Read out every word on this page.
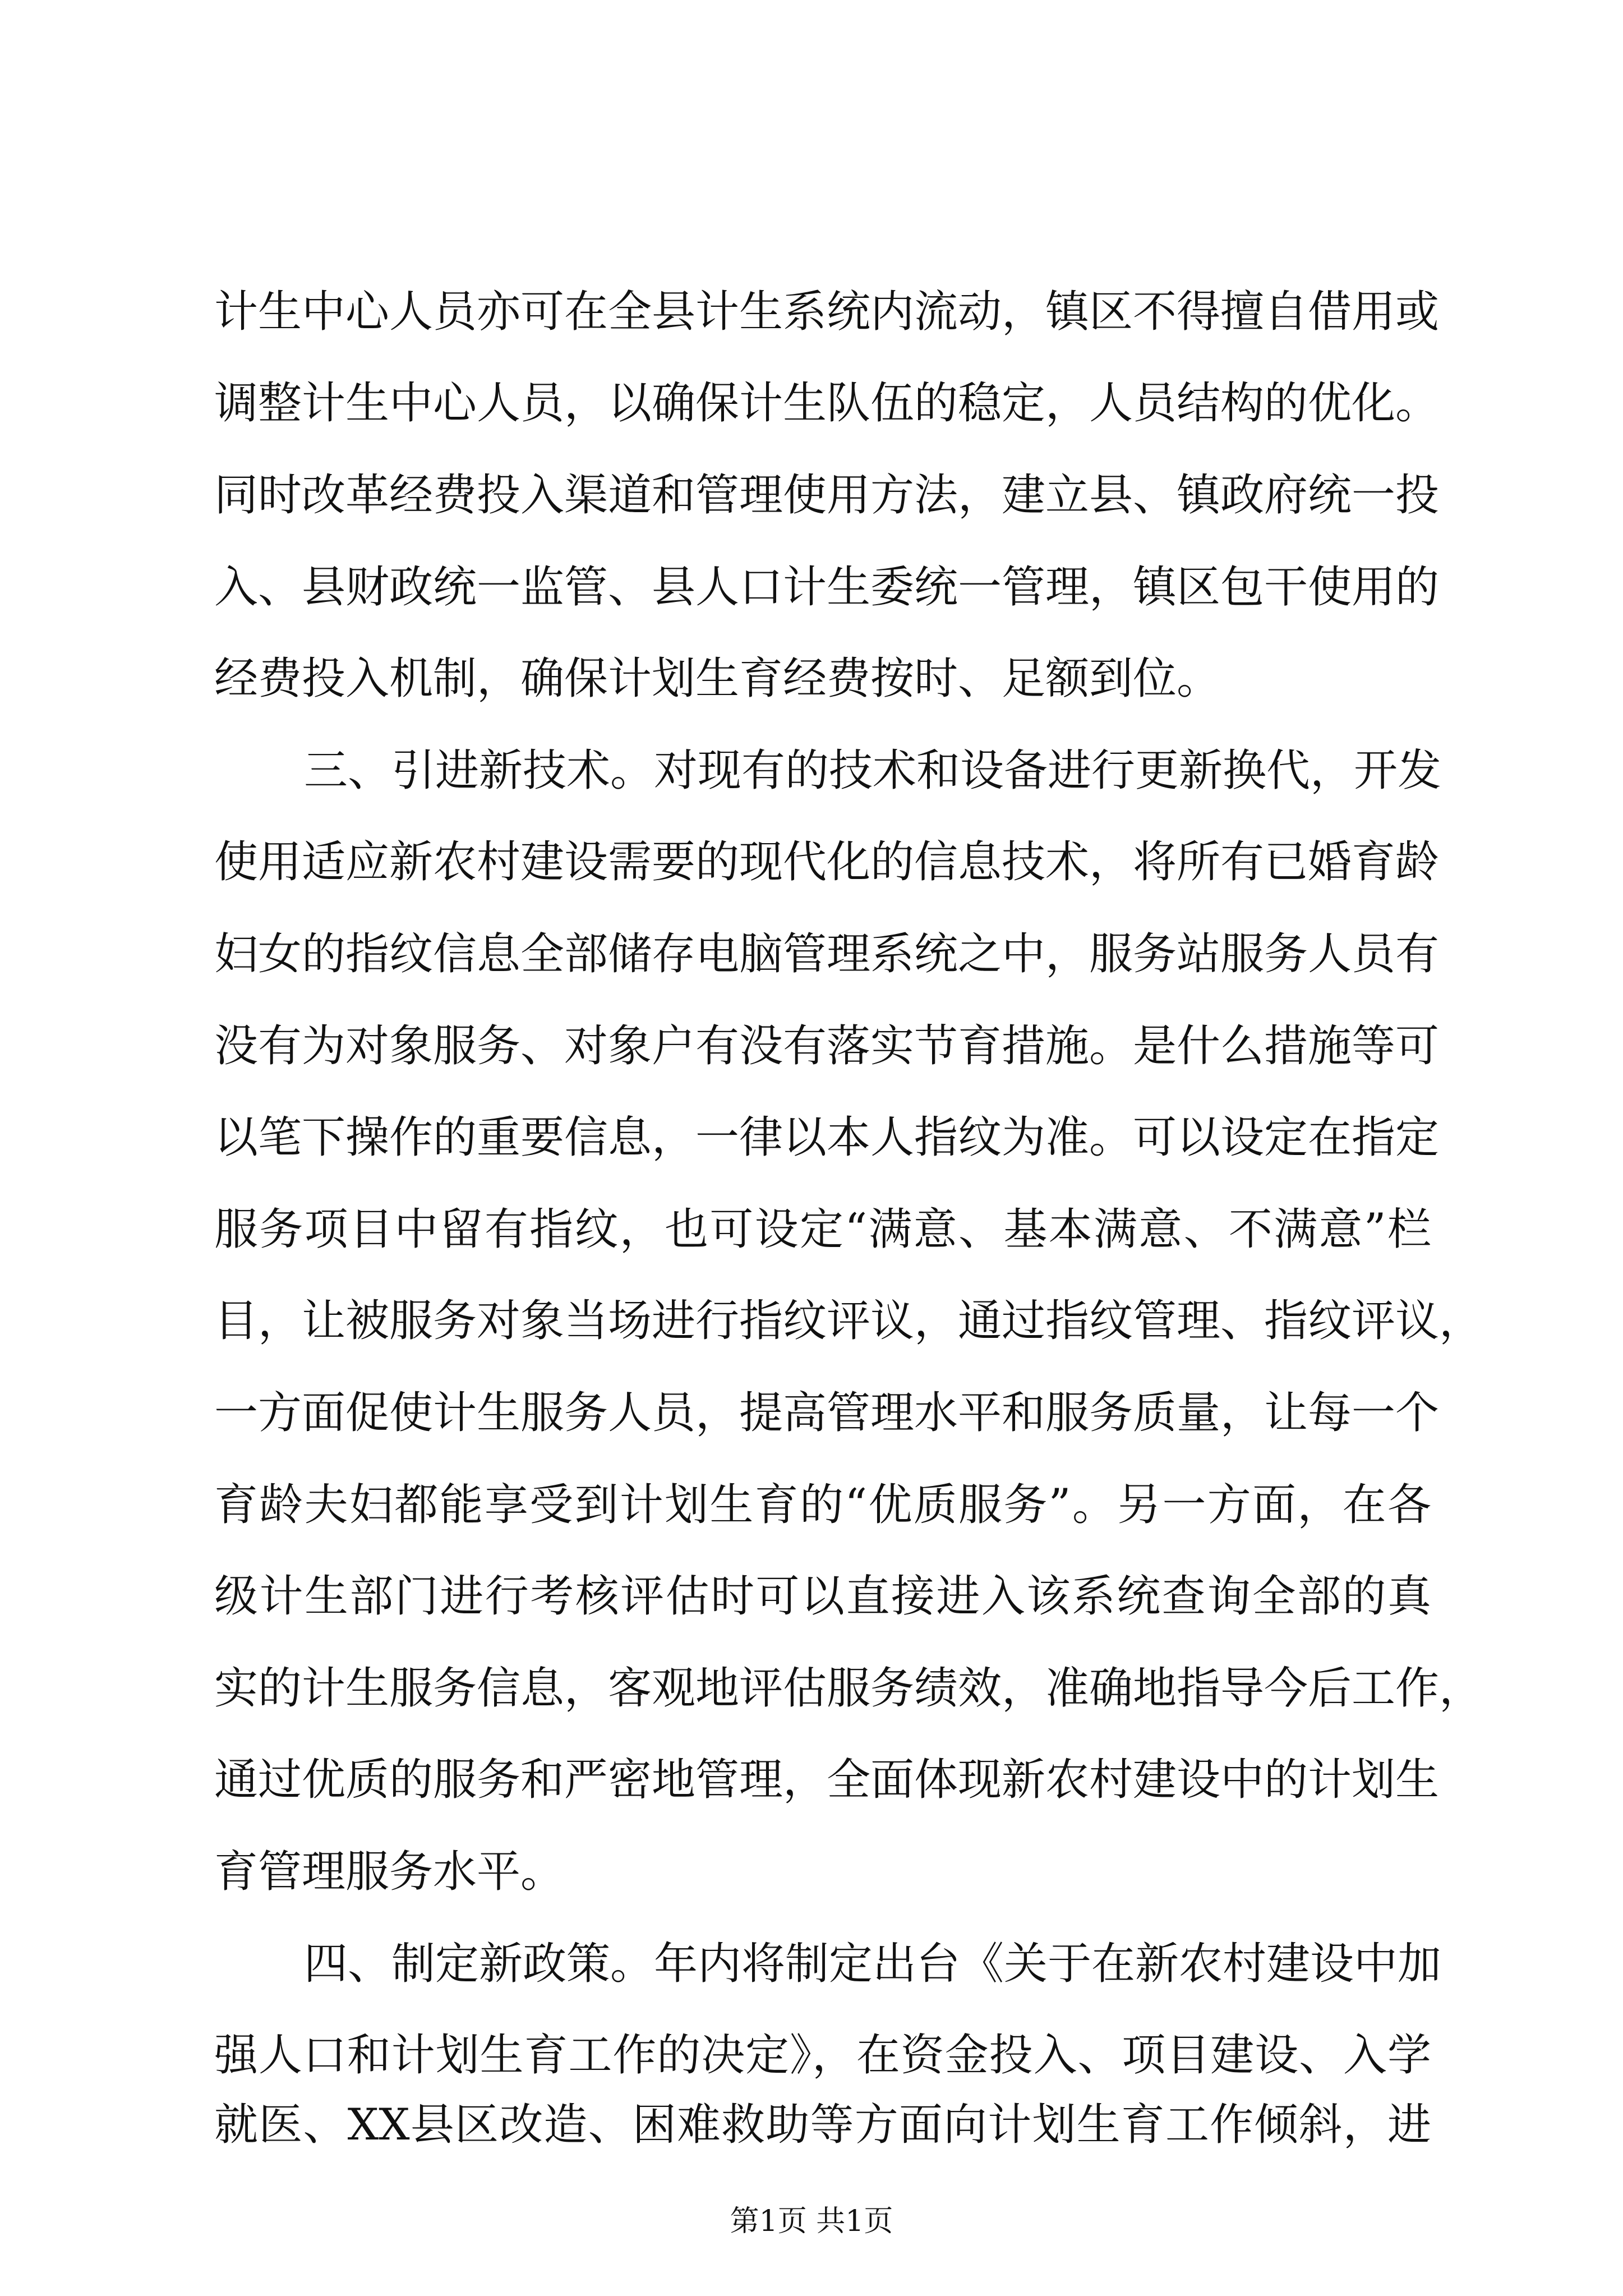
计生中心人员亦可在全县计生系统内流动，镇区不得擅自借用或
调整计生中心人员，以确保计生队伍的稳定，人员结构的优化。
同时改革经费投入渠道和管理使用方法，建立县、镇政府统一投
入、县财政统一监管、县人口计生委统一管理，镇区包干使用的
经费投入机制，确保计划生育经费按时、足额到位。
三、引进新技术。对现有的技术和设备进行更新换代，开发
使用适应新农村建设需要的现代化的信息技术，将所有已婚育龄
妇女的指纹信息全部储存电脑管理系统之中，服务站服务人员有
没有为对象服务、对象户有没有落实节育措施。是什么措施等可
以笔下操作的重要信息，一律以本人指纹为准。可以设定在指定
服务项目中留有指纹，也可设定“满意、基本满意、不满意”栏
目，让被服务对象当场进行指纹评议，通过指纹管理、指纹评议，
一方面促使计生服务人员，提高管理水平和服务质量，让每一个
育龄夫妇都能享受到计划生育的“优质服务”。另一方面，在各
级计生部门进行考核评估时可以直接进入该系统查询全部的真
实的计生服务信息，客观地评估服务绩效，准确地指导今后工作，
通过优质的服务和严密地管理，全面体现新农村建设中的计划生
育管理服务水平。
四、制定新政策。年内将制定出台《关于在新农村建设中加
强人口和计划生育工作的决定》，在资金投入、项目建设、入学
就医、XX县区改造、困难救助等方面向计划生育工作倾斜，进
第1页 共1页
